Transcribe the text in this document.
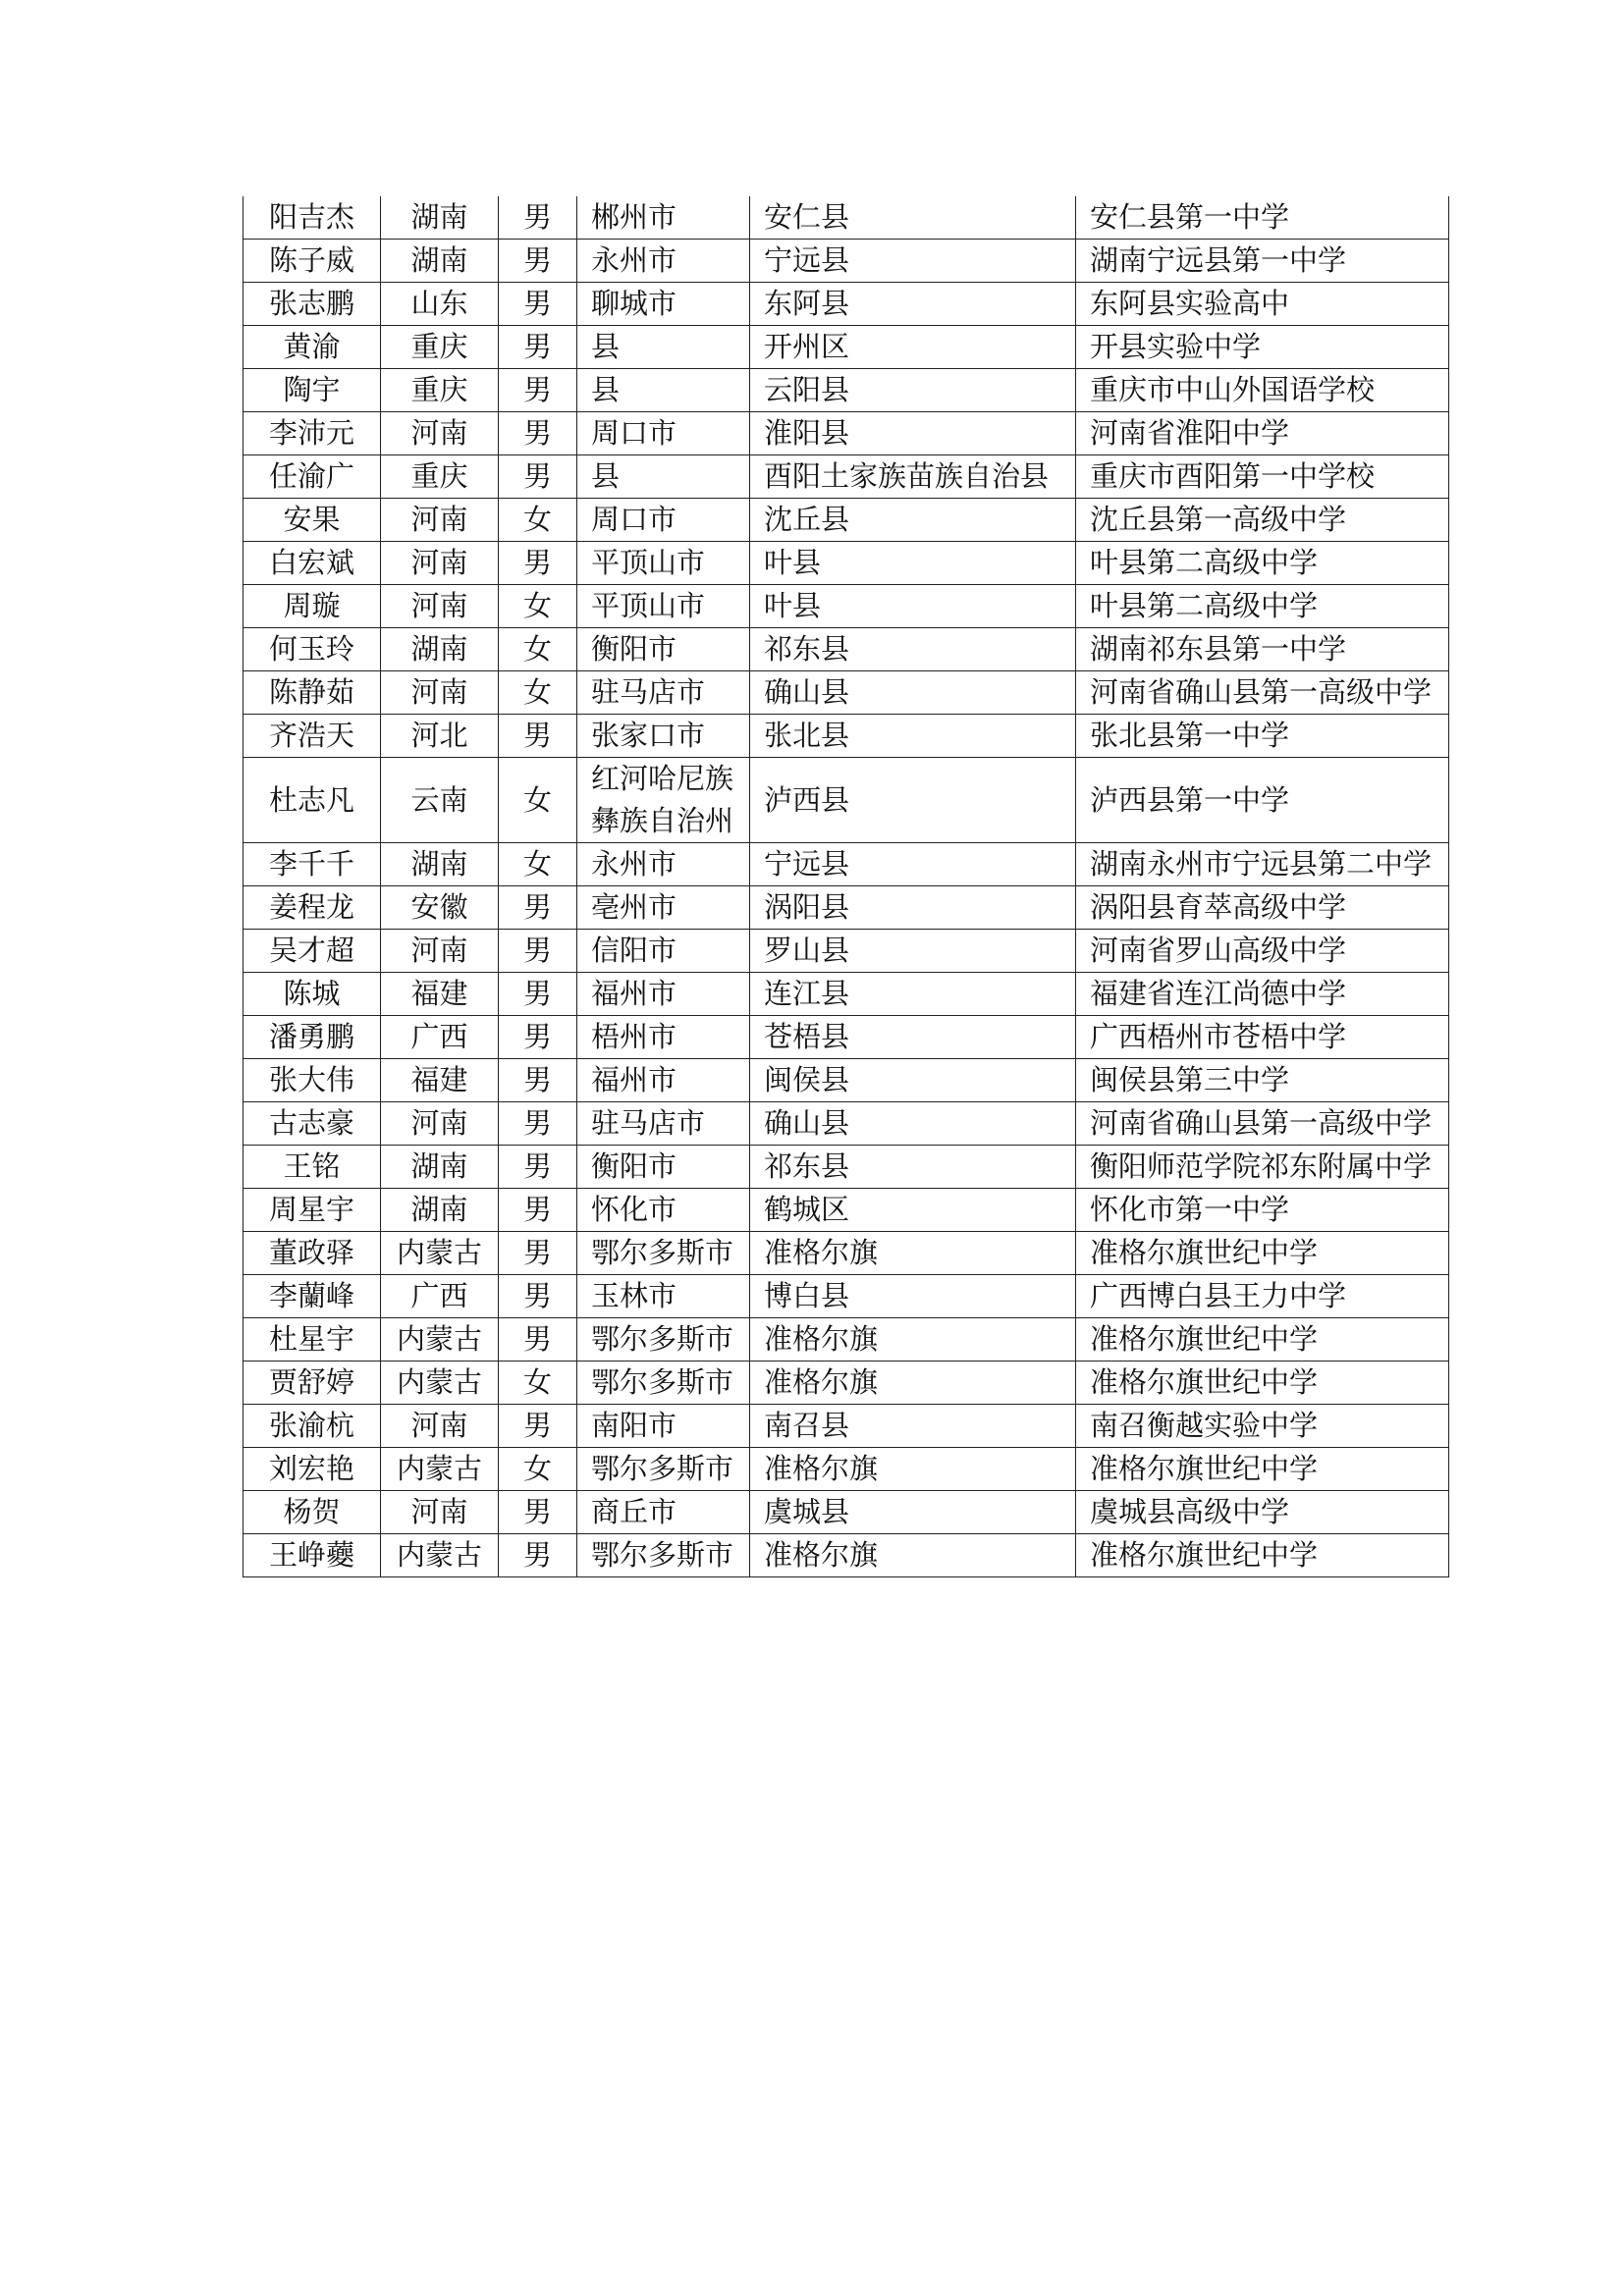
阳吉杰	湖南	男	郴州市	安仁县	安仁县第一中学
陈子威	湖南	男	永州市	宁远县	湖南宁远县第一中学
张志鹏	山东	男	聊城市	东阿县	东阿县实验高中
黄渝	重庆	男	县	开州区	开县实验中学
陶宇	重庆	男	县	云阳县	重庆市中山外国语学校
李沛元	河南	男	周口市	淮阳县	河南省淮阳中学
任渝广	重庆	男	县	酉阳土家族苗族自治县	重庆市酉阳第一中学校
安果	河南	女	周口市	沈丘县	沈丘县第一高级中学
白宏斌	河南	男	平顶山市	叶县	叶县第二高级中学
周璇	河南	女	平顶山市	叶县	叶县第二高级中学
何玉玲	湖南	女	衡阳市	祁东县	湖南祁东县第一中学
陈静茹	河南	女	驻马店市	确山县	河南省确山县第一高级中学
齐浩天	河北	男	张家口市	张北县	张北县第一中学
杜志凡	云南	女	红河哈尼族彝族自治州	泸西县	泸西县第一中学
李千千	湖南	女	永州市	宁远县	湖南永州市宁远县第二中学
姜程龙	安徽	男	亳州市	涡阳县	涡阳县育萃高级中学
吴才超	河南	男	信阳市	罗山县	河南省罗山高级中学
陈城	福建	男	福州市	连江县	福建省连江尚德中学
潘勇鹏	广西	男	梧州市	苍梧县	广西梧州市苍梧中学
张大伟	福建	男	福州市	闽侯县	闽侯县第三中学
古志豪	河南	男	驻马店市	确山县	河南省确山县第一高级中学
王铭	湖南	男	衡阳市	祁东县	衡阳师范学院祁东附属中学
周星宇	湖南	男	怀化市	鹤城区	怀化市第一中学
董政驿	内蒙古	男	鄂尔多斯市	准格尔旗	准格尔旗世纪中学
李蘭峰	广西	男	玉林市	博白县	广西博白县王力中学
杜星宇	内蒙古	男	鄂尔多斯市	准格尔旗	准格尔旗世纪中学
贾舒婷	内蒙古	女	鄂尔多斯市	准格尔旗	准格尔旗世纪中学
张渝杭	河南	男	南阳市	南召县	南召衡越实验中学
刘宏艳	内蒙古	女	鄂尔多斯市	准格尔旗	准格尔旗世纪中学
杨贺	河南	男	商丘市	虞城县	虞城县高级中学
王峥蘷	内蒙古	男	鄂尔多斯市	准格尔旗	准格尔旗世纪中学
